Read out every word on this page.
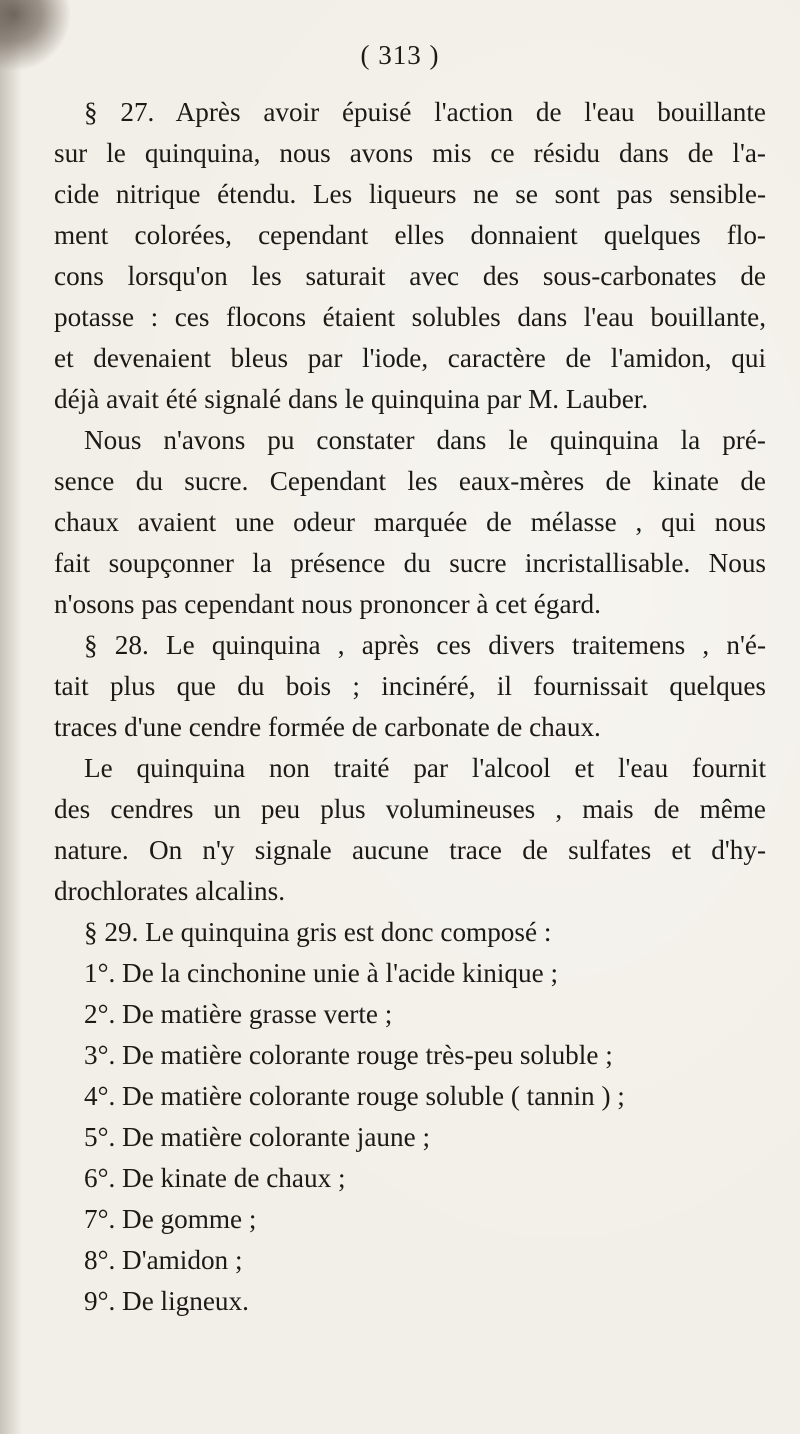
( 313 )
§ 27. Après avoir épuisé l'action de l'eau bouillante
sur le quinquina, nous avons mis ce résidu dans de l'a-
cide nitrique étendu. Les liqueurs ne se sont pas sensible-
ment colorées, cependant elles donnaient quelques flo-
cons lorsqu'on les saturait avec des sous-carbonates de
potasse : ces flocons étaient solubles dans l'eau bouillante,
et devenaient bleus par l'iode, caractère de l'amidon, qui
déjà avait été signalé dans le quinquina par M. Lauber.
Nous n'avons pu constater dans le quinquina la pré-
sence du sucre. Cependant les eaux-mères de kinate de
chaux avaient une odeur marquée de mélasse , qui nous
fait soupçonner la présence du sucre incristallisable. Nous
n'osons pas cependant nous prononcer à cet égard.
§ 28. Le quinquina , après ces divers traitemens , n'é-
tait plus que du bois ; incinéré, il fournissait quelques
traces d'une cendre formée de carbonate de chaux.
Le quinquina non traité par l'alcool et l'eau fournit
des cendres un peu plus volumineuses , mais de même
nature. On n'y signale aucune trace de sulfates et d'hy-
drochlorates alcalins.
§ 29. Le quinquina gris est donc composé :
1°. De la cinchonine unie à l'acide kinique ;
2°. De matière grasse verte ;
3°. De matière colorante rouge très-peu soluble ;
4°. De matière colorante rouge soluble ( tannin ) ;
5°. De matière colorante jaune ;
6°. De kinate de chaux ;
7°. De gomme ;
8°. D'amidon ;
9°. De ligneux.
